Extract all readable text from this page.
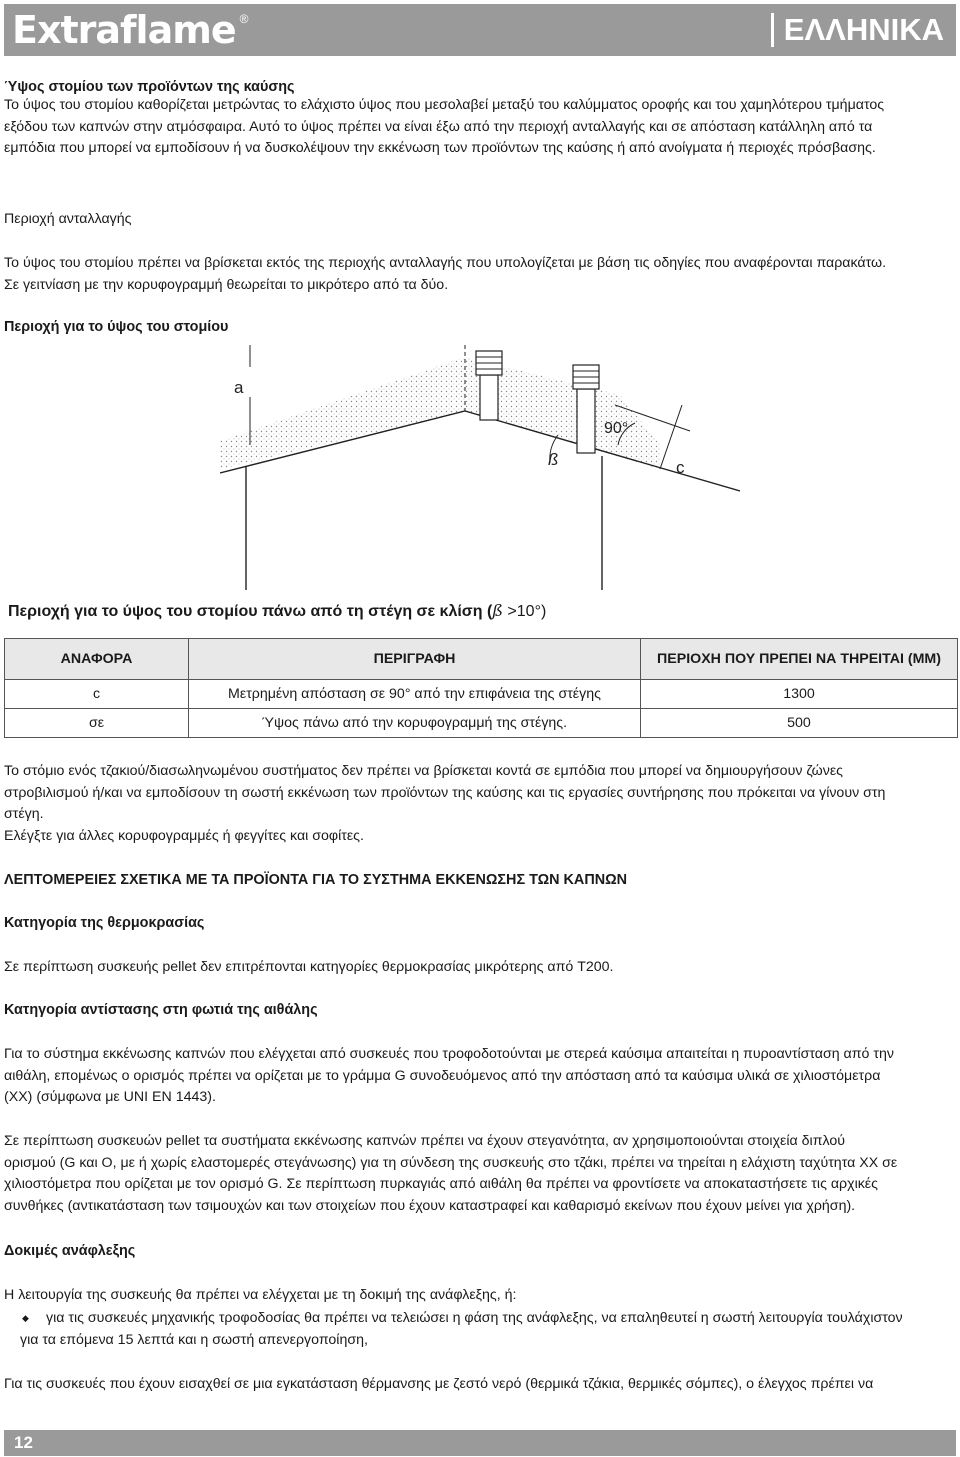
Extraflame ®	ΕΛΛΗΝΙΚΑ

Ύψος στομίου των προϊόντων της καύσης

Το ύψος του στομίου καθορίζεται μετρώντας το ελάχιστο ύψος που μεσολαβεί μεταξύ του καλύμματος οροφής και του χαμηλότερου τμήματος
εξόδου των καπνών στην ατμόσφαιρα. Αυτό το ύψος πρέπει να είναι έξω από την περιοχή ανταλλαγής και σε απόσταση κατάλληλη από τα
εμπόδια που μπορεί να εμποδίσουν ή να δυσκολέψουν την εκκένωση των προϊόντων της καύσης ή από ανοίγματα ή περιοχές πρόσβασης.

Περιοχή ανταλλαγής

Το ύψος του στομίου πρέπει να βρίσκεται εκτός της περιοχής ανταλλαγής που υπολογίζεται με βάση τις οδηγίες που αναφέρονται παρακάτω.
Σε γειτνίαση με την κορυφογραμμή θεωρείται το μικρότερο από τα δύο.

Περιοχή για το ύψος του στομίου

a
ß
90°
c
Περιοχή για το ύψος του στομίου πάνω από τη στέγη σε κλίση (ß >10°)
ΑΝΑΦΟΡΑ	ΠΕΡΙΓΡΑΦΗ	ΠΕΡΙΟΧΗ ΠΟΥ ΠΡΕΠΕΙ ΝΑ ΤΗΡΕΙΤΑΙ (MM)
c	Μετρημένη απόσταση σε 90° από την επιφάνεια της στέγης	1300
σε	Ύψος πάνω από την κορυφογραμμή της στέγης.	500

Το στόμιο ενός τζακιού/διασωληνωμένου συστήματος δεν πρέπει να βρίσκεται κοντά σε εμπόδια που μπορεί να δημιουργήσουν ζώνες
στροβιλισμού ή/και να εμποδίσουν τη σωστή εκκένωση των προϊόντων της καύσης και τις εργασίες συντήρησης που πρόκειται να γίνουν στη
στέγη.
Ελέγξτε για άλλες κορυφογραμμές ή φεγγίτες και σοφίτες.

ΛΕΠΤΟΜΕΡΕΙΕΣ ΣΧΕΤΙΚΑ ΜΕ ΤΑ ΠΡΟΪΟΝΤΑ ΓΙΑ ΤΟ ΣΥΣΤΗΜΑ ΕΚΚΕΝΩΣΗΣ ΤΩΝ ΚΑΠΝΩΝ

Κατηγορία της θερμοκρασίας

Σε περίπτωση συσκευής pellet δεν επιτρέπονται κατηγορίες θερμοκρασίας μικρότερης από T200.

Κατηγορία αντίστασης στη φωτιά της αιθάλης

Για το σύστημα εκκένωσης καπνών που ελέγχεται από συσκευές που τροφοδοτούνται με στερεά καύσιμα απαιτείται η πυροαντίσταση από την
αιθάλη, επομένως ο ορισμός πρέπει να ορίζεται με το γράμμα G συνοδευόμενος από την απόσταση από τα καύσιμα υλικά σε χιλιοστόμετρα
(XX) (σύμφωνα με UNI EN 1443).

Σε περίπτωση συσκευών pellet τα συστήματα εκκένωσης καπνών πρέπει να έχουν στεγανότητα, αν χρησιμοποιούνται στοιχεία διπλού
ορισμού (G και O, με ή χωρίς ελαστομερές στεγάνωσης) για τη σύνδεση της συσκευής στο τζάκι, πρέπει να τηρείται η ελάχιστη ταχύτητα XX σε
χιλιοστόμετρα που ορίζεται με τον ορισμό G. Σε περίπτωση πυρκαγιάς από αιθάλη θα πρέπει να φροντίσετε να αποκαταστήσετε τις αρχικές
συνθήκες (αντικατάσταση των τσιμουχών και των στοιχείων που έχουν καταστραφεί και καθαρισμό εκείνων που έχουν μείνει για χρήση).

Δοκιμές ανάφλεξης

Η λειτουργία της συσκευής θα πρέπει να ελέγχεται με τη δοκιμή της ανάφλεξης, ή:

◆ για τις συσκευές μηχανικής τροφοδοσίας θα πρέπει να τελειώσει η φάση της ανάφλεξης, να επαληθευτεί η σωστή λειτουργία τουλάχιστον

για τα επόμενα 15 λεπτά και η σωστή απενεργοποίηση,

Για τις συσκευές που έχουν εισαχθεί σε μια εγκατάσταση θέρμανσης με ζεστό νερό (θερμικά τζάκια, θερμικές σόμπες), ο έλεγχος πρέπει να

12
